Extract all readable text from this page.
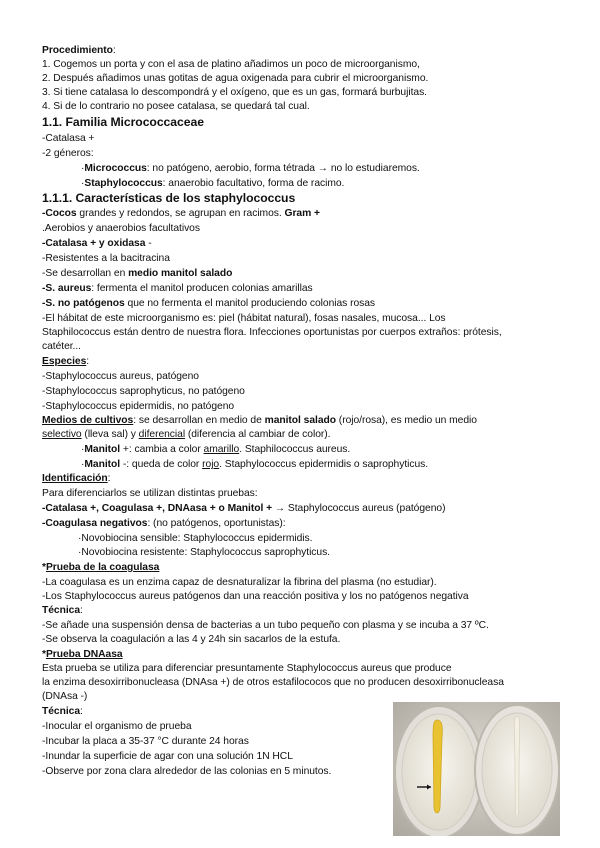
Procedimiento:
1. Cogemos un porta y con el asa de platino añadimos un poco de microorganismo,
2. Después añadimos unas gotitas de agua oxigenada para cubrir el microorganismo.
3. Si tiene catalasa lo descompondrá y el oxígeno, que es un gas, formará burbujitas.
4. Si de lo contrario no posee catalasa, se quedará tal cual.
1.1. Familia Micrococcaceae
-Catalasa +
-2 géneros:
·Micrococcus: no patógeno, aerobio, forma tétrada → no lo estudiaremos.
·Staphylococcus: anaerobio facultativo, forma de racimo.
1.1.1. Características de los staphylococcus
-Cocos grandes y redondos, se agrupan en racimos. Gram +
.Aerobios y anaerobios facultativos
-Catalasa + y oxidasa -
-Resistentes a la bacitracina
-Se desarrollan en medio manitol salado
-S. aureus: fermenta el manitol producen colonias amarillas
-S. no patógenos que no fermenta el manitol produciendo colonias rosas
-El hábitat de este microorganismo es: piel (hábitat natural), fosas nasales, mucosa... Los
Staphilococcus están dentro de nuestra flora. Infecciones oportunistas por cuerpos extraños: prótesis,
catéter...
Especies:
-Staphylococcus aureus, patógeno
-Staphylococcus saprophyticus, no patógeno
-Staphylococcus epidermidis, no patógeno
Medios de cultivos: se desarrollan en medio de manitol salado (rojo/rosa), es medio un medio
selectivo (lleva sal) y diferencial (diferencia al cambiar de color).
·Manitol +: cambia a color amarillo. Staphilococcus aureus.
·Manitol -: queda de color rojo. Staphylococcus epidermidis o saprophyticus.
Identificación:
Para diferenciarlos se utilizan distintas pruebas:
-Catalasa +, Coagulasa +, DNAasa + o Manitol + → Staphylococcus aureus (patógeno)
-Coagulasa negativos: (no patógenos, oportunistas):
·Novobiocina sensible: Staphylococcus epidermidis.
·Novobiocina resistente: Staphylococcus saprophyticus.
*Prueba de la coagulasa
-La coagulasa es un enzima capaz de desnaturalizar la fibrina del plasma (no estudiar).
-Los Staphylococcus aureus patógenos dan una reacción positiva y los no patógenos negativa
Técnica:
-Se añade una suspensión densa de bacterias a un tubo pequeño con plasma y se incuba a 37 ºC.
-Se observa la coagulación a las 4 y 24h sin sacarlos de la estufa.
*Prueba DNAasa
Esta prueba se utiliza para diferenciar presuntamente Staphylococcus aureus que produce
la enzima desoxirribonucleasa (DNAsa +) de otros estafilococos que no producen desoxirribonucleasa
(DNAsa -)
Técnica:
-Inocular el organismo de prueba
-Incubar la placa a 35-37 °C durante 24 horas
-Inundar la superficie de agar con una solución 1N HCL
-Observe por zona clara alrededor de las colonias en 5 minutos.
